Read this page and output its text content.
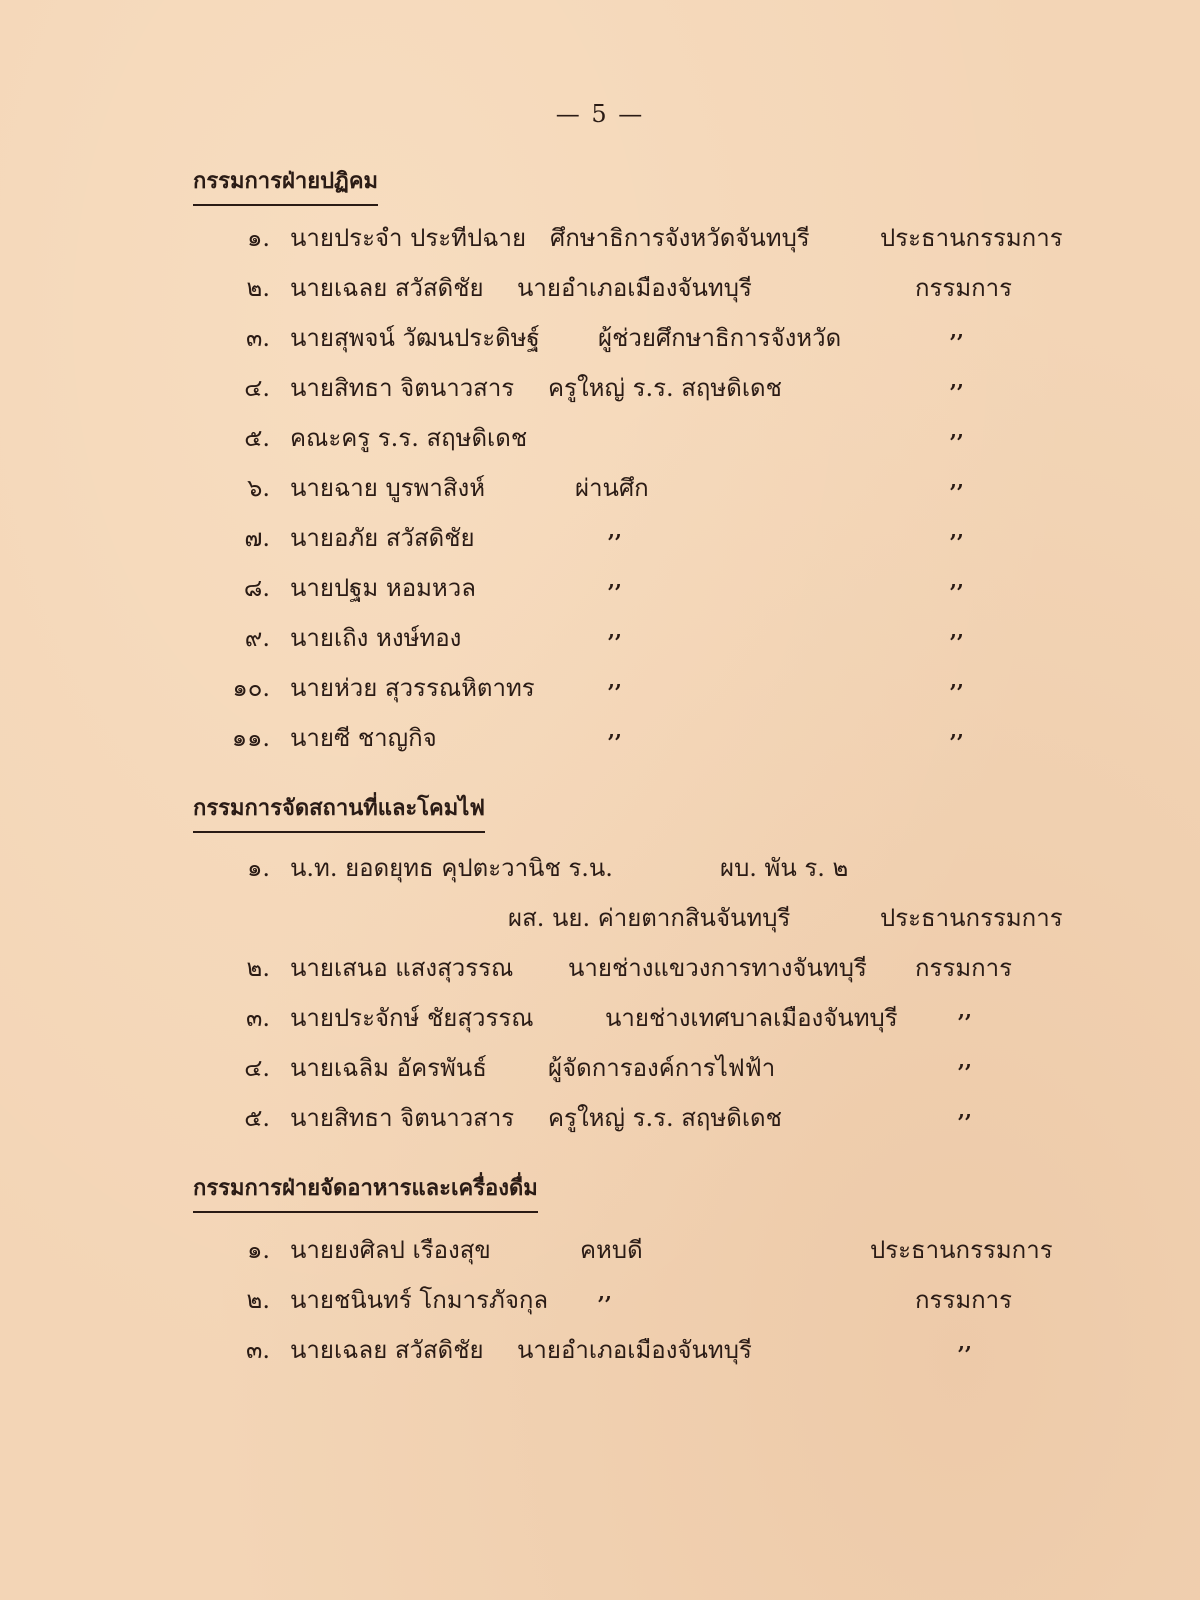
— 5 —
กรรมการฝ่ายปฏิคม
๑. นายประจำ ประทีปฉาย ศึกษาธิการจังหวัดจันทบุรี	ประธานกรรมการ
๒. นายเฉลย สวัสดิชัย นายอำเภอเมืองจันทบุรี	กรรมการ
๓. นายสุพจน์ วัฒนประดิษฐ์ ผู้ช่วยศึกษาธิการจังหวัด	,,
๔. นายสิทธา จิตนาวสาร ครูใหญ่ ร.ร. สฤษดิเดช	,,
๕. คณะครู ร.ร. สฤษดิเดช	,,
๖. นายฉาย บูรพาสิงห์	ผ่านศึก	,,
๗. นายอภัย สวัสดิชัย	,,	,,
๘. นายปฐม หอมหวล	,,	,,
๙. นายเถิง หงษ์ทอง	,,	,,
๑๐. นายห่วย สุวรรณหิตาทร	,,	,,
๑๑. นายซี ชาญกิจ	,,	,,
กรรมการจัดสถานที่และโคมไฟ
๑. น.ท. ยอดยุทธ คุปตะวานิช ร.น.	ผบ. พัน ร. ๒
ผส. นย. ค่ายตากสินจันทบุรี	ประธานกรรมการ
๒. นายเสนอ แสงสุวรรณ นายช่างแขวงการทางจันทบุรี กรรมการ
๓. นายประจักษ์ ชัยสุวรรณ	นายช่างเทศบาลเมืองจันทบุรี	,,
๔. นายเฉลิม อัครพันธ์	ผู้จัดการองค์การไฟฟ้า	,,
๕. นายสิทธา จิตนาวสาร ครูใหญ่ ร.ร. สฤษดิเดช	,,
กรรมการฝ่ายจัดอาหารและเครื่องดื่ม
๑. นายยงศิลป เรืองสุข	คหบดี	ประธานกรรมการ
๒. นายชนินทร์ โกมารภัจกุล ,,	กรรมการ
๓. นายเฉลย สวัสดิชัย นายอำเภอเมืองจันทบุรี	,,
